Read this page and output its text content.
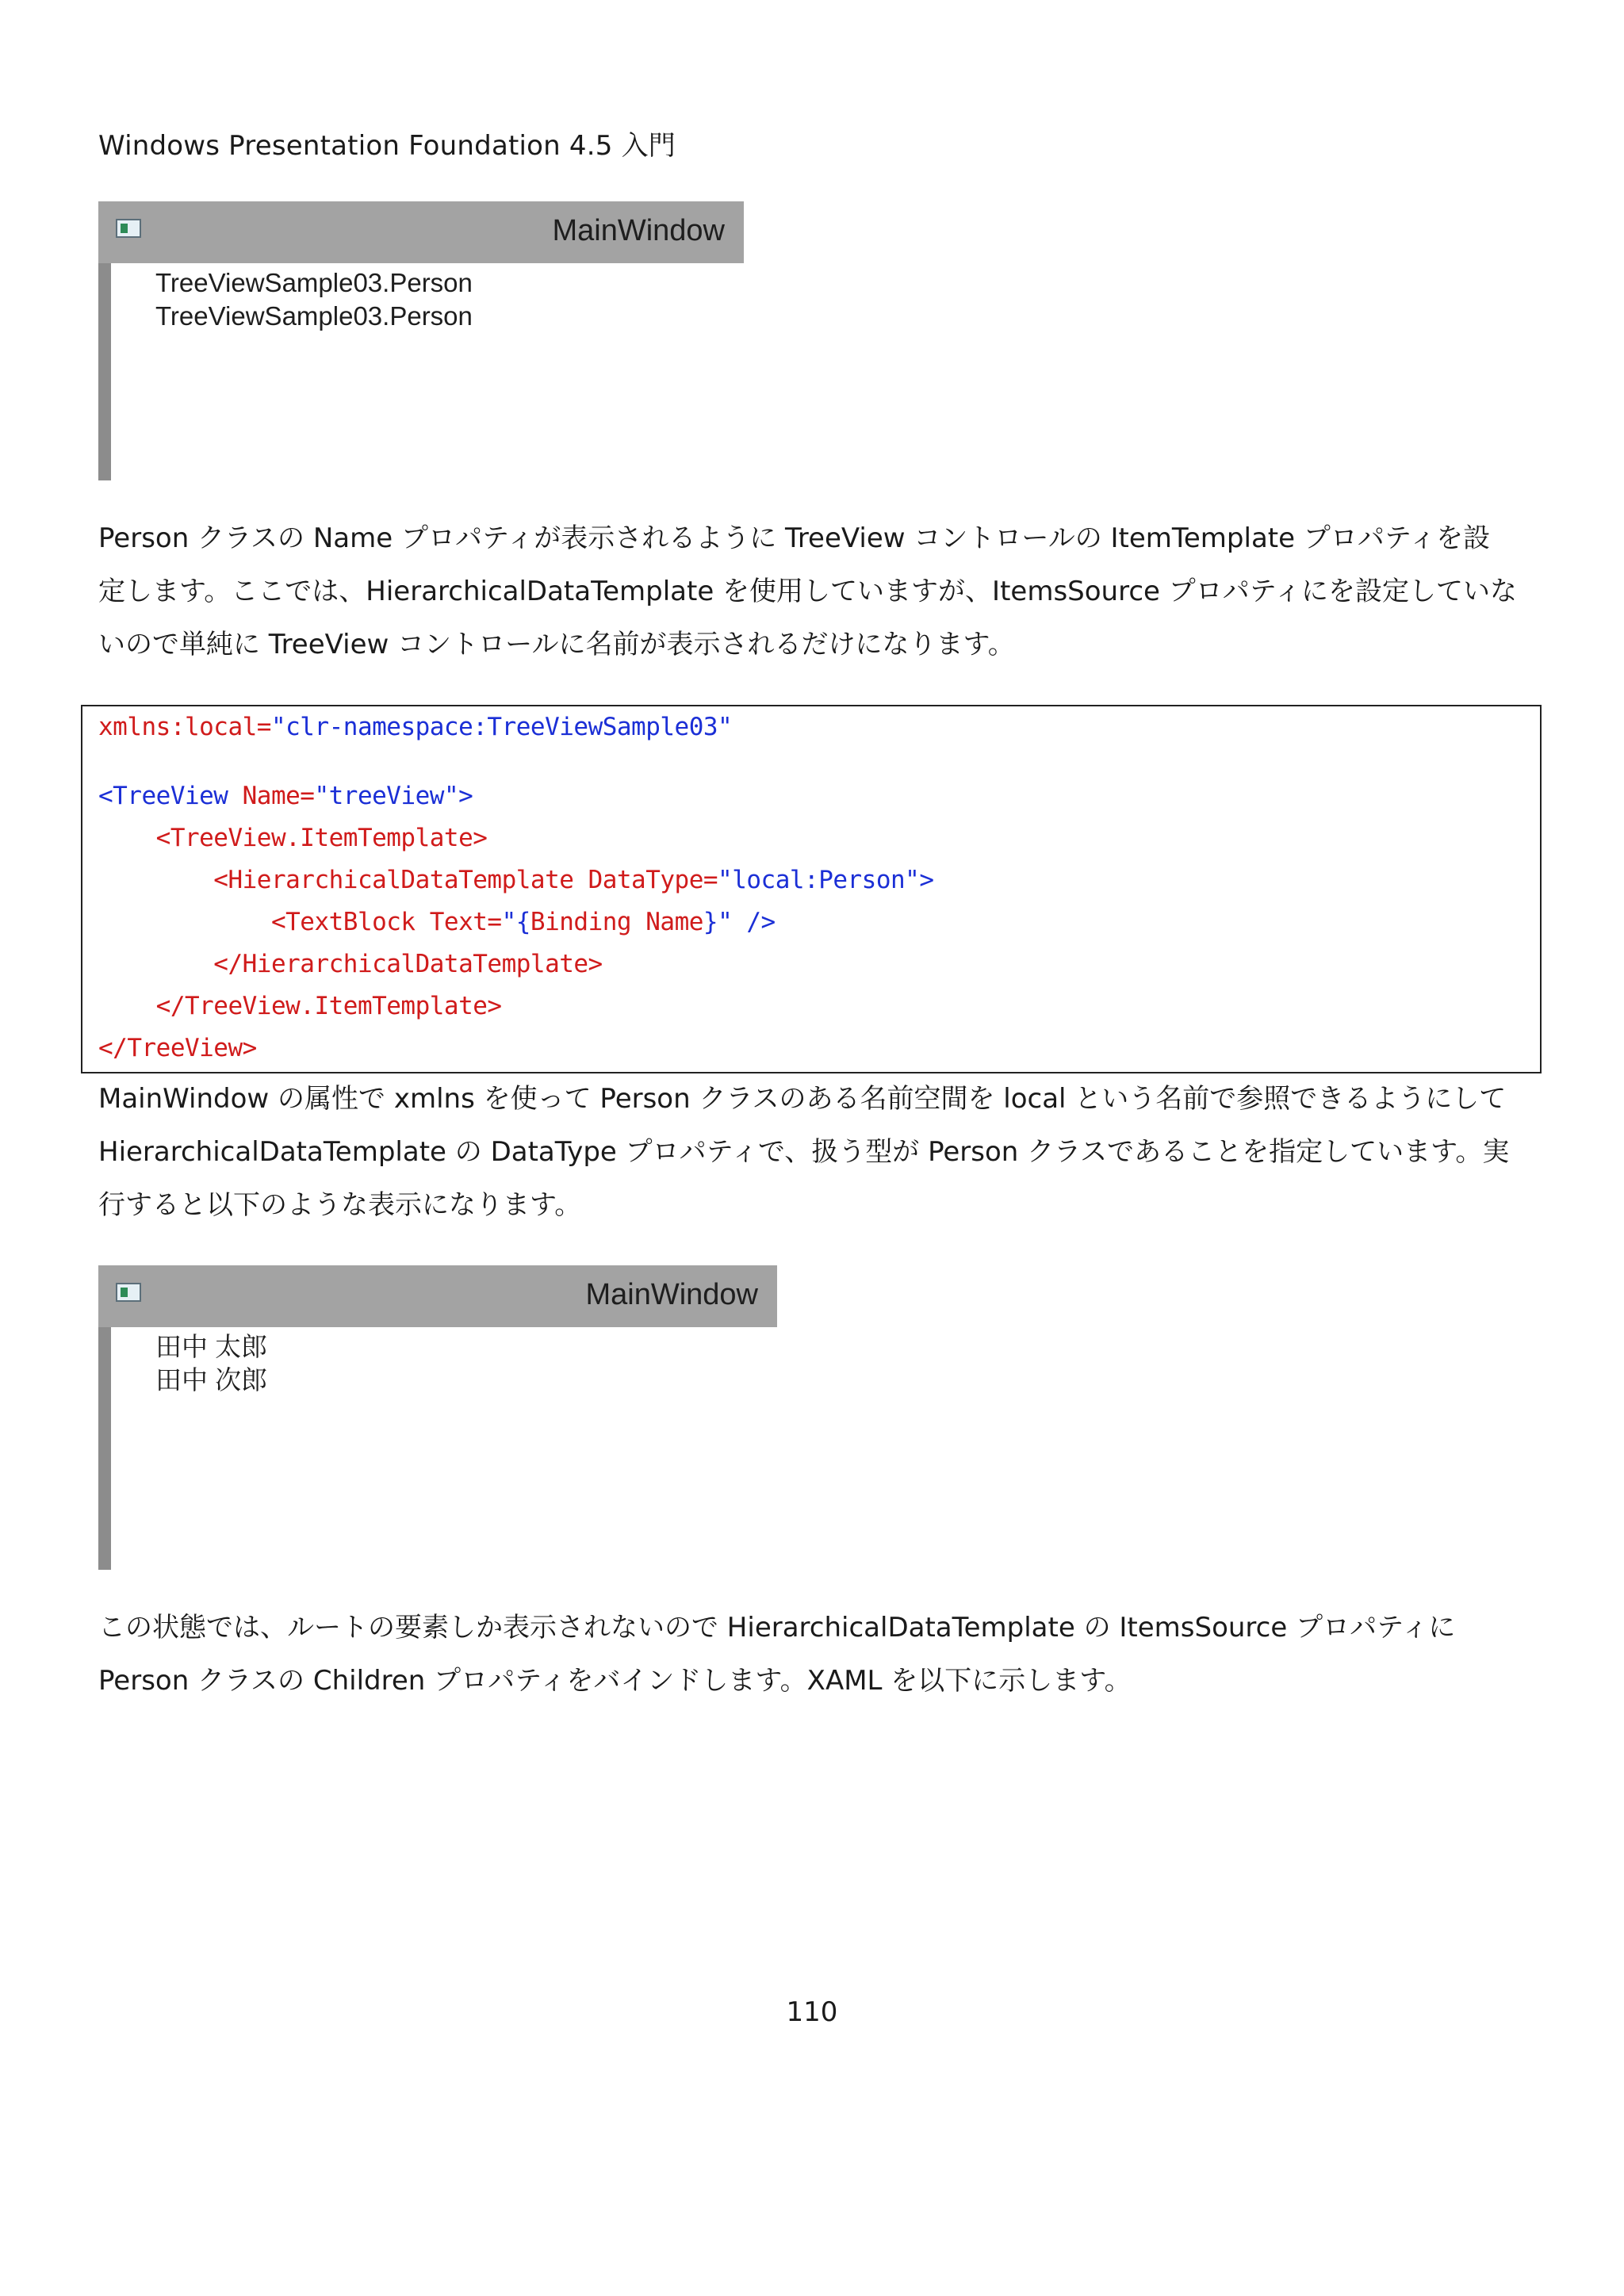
Windows Presentation Foundation 4.5 入門
MainWindow
TreeViewSample03.Person
TreeViewSample03.Person
Person クラスの Name プロパティが表示されるように TreeView コントロールの ItemTemplate プロパティを設
定します。ここでは、HierarchicalDataTemplate を使用していますが、ItemsSource プロパティにを設定していな
いので単純に TreeView コントロールに名前が表示されるだけになります。
xmlns:local="clr-namespace:TreeViewSample03"
<TreeView Name="treeView">
<TreeView.ItemTemplate>
<HierarchicalDataTemplate DataType="local:Person">
<TextBlock Text="{Binding Name}" />
</HierarchicalDataTemplate>
</TreeView.ItemTemplate>
</TreeView>
MainWindow の属性で xmlns を使って Person クラスのある名前空間を local という名前で参照できるようにして
HierarchicalDataTemplate の DataType プロパティで、扱う型が Person クラスであることを指定しています。実
行すると以下のような表示になります。
MainWindow
田中 太郎
田中 次郎
この状態では、ルートの要素しか表示されないので HierarchicalDataTemplate の ItemsSource プロパティに
Person クラスの Children プロパティをバインドします。XAML を以下に示します。
110
